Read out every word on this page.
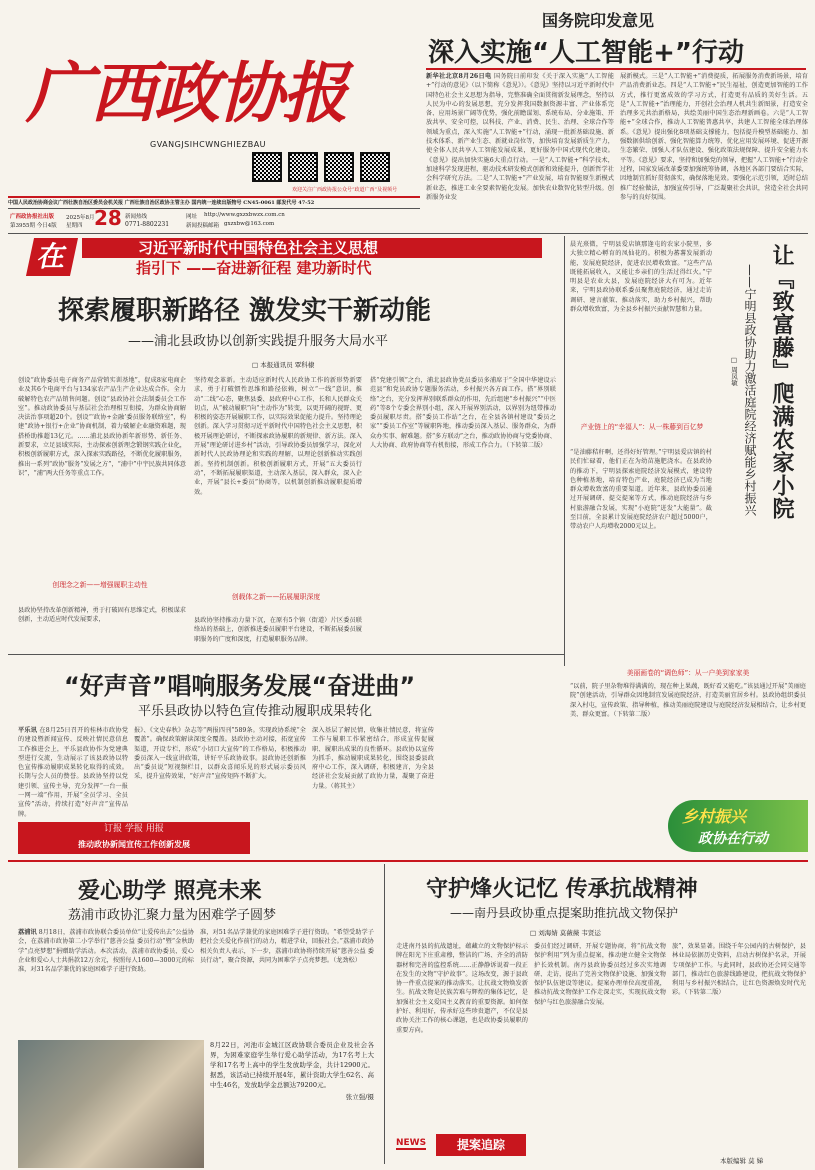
广西政协报
GVANGJSIHCWNGHIEZBAU
欢迎关注广西政协报公众号“政道广西”及视频号
中国人民政治协商会议广西壮族自治区委员会机关报 广西壮族自治区政协主管主办 国内统一连续出版物号 CN45-0061 邮发代号 47-52
广西政协报社出版
第3955期 今日4版
2025年8月 28
星期四
新闻热线
0771-8802231
网址 http://www.gxzxbwzx.com.cn
新闻投稿邮箱 gxzxbw@163.com
国务院印发意见
深入实施“人工智能+”行动
新华社北京8月26日电 国务院日前印发《关于深入实施“人工智能+”行动的意见》（以下简称《意见》）。《意见》坚持以习近平新时代中国特色社会主义思想为指导，完整准确全面贯彻新发展理念，坚持以人民为中心的发展思想，充分发挥我国数据资源丰富、产业体系完备、应用场景广阔等优势，强化前瞻谋划、系统布局、分业施策、开放共享、安全可控，以科技、产业、消费、民生、治理、全球合作等领域为重点，深入实施“人工智能+”行动，涌现一批新基础设施、新技术体系、新产业生态、新就业岗位等，加快培育发展新质生产力，使全体人民共享人工智能发展成果，更好服务中国式现代化建设。《意见》提出加快实施6大重点行动。一是“人工智能+”科学技术，加速科学发现进程，驱动技术研发模式创新和效能提升，创新哲学社会科学研究方法。二是“人工智能+”产业发展，培育智能原生新模式新业态，推进工业全要素智能化发展。加快农业数智化转型升级。创新服务业发
展新模式。三是“人工智能+”消费提质，拓展服务消费新场景，培育产品消费新业态。四是“人工智能+”民生福祉，创造更加智能的工作方式，推行更富成效的学习方式，打造更有品质的美好生活。五是“人工智能+”治理能力，开创社会治理人机共生新图景，打造安全治理多元共治新格局，共绘美丽中国生态治理新画卷。六是“人工智能+”全球合作，推动人工智能普惠共享，共建人工智能全球治理体系。《意见》提出强化8项基础支撑能力，包括提升模型基础能力、加强数据供给创新、强化智能算力统筹、优化应用发展环境、促进开源生态繁荣、加强人才队伍建设、强化政策法规保障、提升安全能力水平等。《意见》要求，坚持和加强党的领导，把握“人工智能+”行动全过程，国家发展改革委要加强统筹协调，各地区各部门要结合实际，因地制宜抓好贯彻落实，确保落地见效。要强化示范引领，适时总结推广经验做法，加强宣传引导，广泛凝聚社会共识，营造全社会共同参与的良好氛围。
在	习近平新时代中国特色社会主义思想
指引下 ——奋进新征程 建功新时代
探索履职新路径 激发实干新动能
——浦北县政协以创新实践提升服务大局水平
□ 本报通讯员 覃科棣
创设“政协委员电子商务产品营销实训基地”，促成8家电商企业及其6个电商平台与134家农产品生产企业达成合作。全力破解特色农产品销售问题。创设“县政协社会法制委员会工作室”。推动政协委员与基层社会治理相互衔接，为群众协商解决法治事项超20个。创设“‘政协+金融’委员服务联络室”，构建“政协+银行+企业”协商机制，着力破解企业融资难题，现搭桥助推超13亿元。……浦北县政协新年新形势、新任务、新要求，立足县域实际，主动探索创新理念锻钢实践企业化，积极创新履职方式，深入探索实践路径，不断优化履职服务，推出一系列“政协”服务“发展之方”，“浦中”中宇民族共同体意识”，“浦”两大任务等重点工作。
创理念之新——增强履职主动性
县政协坚持改革创新精神，勇于打破固有思维定式，积极谋求创新，主动适应时代发展要求，
坚持观念革新。主动适应新时代人民政协工作的新形势新要求，勇于打破惯性思维和路径依赖，树立“一线”意识，推动“二线”心态，聚焦县委、县政府中心工作，长和人民群众关切点，从“被动履职”向“主动作为”转变，以更开阔的视野、更积极的姿态开展履职工作，以实际效果促能力提升。坚持理论创新。深入学习贯彻习近平新时代中国特色社会主义思想，积极开展理论研讨，不断探索政协履职的新规律、新方法。深入开展“理论研讨进乡村”活动，引导政协委员加强学习，深化对新时代人民政协理论和实践的理解，以理论创新推动实践创新。坚持机制创新。积极创新履职方式，开展“五大委员行动”，不断拓展履职渠道，主动深入基层，深入群众，深入企业，开展“县长+委员”协商等，以机制创新推动履职提质增效。
创载体之新——拓展履职深度
县政协坚持推动力量下沉，在原有5个镇（街道）片区委员联络站的基础上，创新推进委员履职平台建设，不断拓展委员履职服务的广度和深度，打造履职服务品牌。
搭“党建引领”之台，浦北县政协党员委员多浦席于“全国中华建设示范县”和党员政协专题服务活动，乡村振兴各方面工作。搭“界别联络”之台，充分发挥界别联系群众的作用，先后组建“乡村振兴”“中医药”等8个专委会界别小组，深入开展界别活动，以界别为纽带推动委员履职尽责。搭“委员工作站”之台，在全县各镇村建设“委员之家”“委员工作室”等履职阵地，推动委员深入基层、服务群众，为群众办实事、解难题。搭“多方联动”之台，推动政协协商与党委协商、人大协商、政府协商等有机衔接，形成工作合力。（下转第二版）
晨光熹微，宁明县爱店镇那逢屯的农家小院里，多大独立精心孵育的凤仙花的。积极为蕃薯发展新动能，发展庭院经济，促进农民增收致富。“这些产品既能拓展收入，又能让乡亲们的生活过得红火。”宁明县是农业大县，发展庭院经济大有可为。近年来，宁明县政协联系委员聚焦庭院经济，通过走访调研、建言献策、推动落实，助力乡村振兴，帮助群众增收致富，为全县乡村振兴贡献智慧和力量。
产业链上的“幸福人”：从一株藤到百亿梦
“是油藤秸秆啊，还得好好管理。”宁明县爱店镇的村民们忙碌着，他们正在为幼苗施肥浇水。在县政协的推动下，宁明县探索庭院经济发展模式，建设特色种植基地，培育特色产业，庭院经济已成为当地群众增收致富的重要渠道。近年来，县政协委员通过开展调研、提交提案等方式，推动庭院经济与乡村旅游融合发展，实现“小庭院”迸发“大能量”。截至目前，全县累计发展庭院经济农户超过5000户，带动农户人均增收2000元以上。
让『致富藤』爬满农家小院
——宁明县政协助力激活庭院经济赋能乡村振兴
□ 周凤敏
“好声音”唱响服务发展“奋进曲”
平乐县政协以特色宣传推动履职成果转化
平乐讯 在8月25日召开的桂林市政协党的建设暨新闻宣传、反映社情民意信息工作推进会上，平乐县政协作为党建典型进行交流，生动展示了该县政协以特色宣传推动履职成果转化取得的成效。长期与会人员的赞誉。县政协坚持以党建引领、宣传主导，充分发挥“一台一报一网一端”作用，开展“全员学习、全员宣传”活动，持续打造“好声音”宣传品牌。
报》、《文史春秋》杂志等“两报四刊”589条。实现政协系统“全覆盖”。确保政策解读深度全覆盖。县政协主动对接，拓宽宣传渠道，开设专栏，形成“小切口大宣传”的工作格局，积极推动委员深入一线宣讲政策，讲好平乐政协故事。县政协还创新推出“委员说”短视频栏目，以群众喜闻乐见的形式展示委员风采，提升宣传效果，“好声音”宣传矩阵不断扩大。
深入基层了解民情，收集社情民意，将宣传工作与履职工作紧密结合，形成宣传促履职、履职出成果的良性循环。县政协以宣传为抓手，推动履职成果转化，围绕县委县政府中心工作，深入调研，积极建言，为全县经济社会发展贡献了政协力量，凝聚了奋进力量。（蒋其主）
订报 学报 用报
推动政协新闻宣传工作创新发展
美丽画卷的“调色师”：从一户美到家家美
“以前，院子里杂物堆得满满的，现在种上果蔬，既好看又能吃。”该县通过开展“美丽庭院”创建活动，引导群众因地制宜发展庭院经济，打造美丽宜居乡村。县政协组织委员深入村屯，宣传政策、指导种植，推动美丽庭院建设与庭院经济发展相结合，让乡村更美、群众更富。（下转第二版）
乡村振兴
政协在行动
爱心助学 照亮未来
荔浦市政协汇聚力量为困难学子圆梦
荔浦讯 8月18日，荔浦市政协联合委员单位“让爱传出去”公益协会，在荔浦市政协第二小学举行“慈善公益 委员行动”暨“金秋助学”点亮梦想”捐赠助学活动。本次活动，荔浦市政协委员、爱心企业和爱心人士共捐款12万余元，按照每人1600—3000元的标准，对31名品学兼优的家庭困难学子进行资助。
准，对51名品学兼优的家庭困难学子进行资助。“希望受助学子把社会关爱化作前行的动力，精进学业，回报社会。”荔浦市政协相关负责人表示，下一步，荔浦市政协将持续开展“慈善公益 委员行动”，聚合资源，共同为困难学子点亮梦想。（龙劲松）
8月22日，河池市金城江区政协联合委员企业及社会各界，为困难家庭学生举行爱心助学活动，为17名考上大学和17名考上高中的学生发放助学金，共计12900元。据悉，该活动已持续开展4年，累计资助大学生62名、高中生46名，发放助学金总额达79200元。
张立强/摄
守护烽火记忆 传承抗战精神
——南丹县政协重点提案助推抗战文物保护
□ 刘海婧 莫薇薇 韦贤运
走进南丹县的抗战遗址，蕴藏立的文物保护标示牌在阳光下庄重肃穆，整洁的广场、齐全的消防器材和完善的监控系统……正静静诉说着一段正在发生的文物“守护故事”。这场改变，源于县政协一件重点提案的推动落实。让抗战文物焕发新生。抗战文物是民族苦难与辉煌的集体记忆，是加强社会主义爱国主义教育的重要资源。如何保护好、利用好，传承好这些珍贵遗产，不仅是县政协关注工作的核心课题，也是政协委员履职的重要方向。
委员们经过调研，开展专题协商，将“抗战文物保护利用”列为重点提案，推动建立健全文物保护长效机制。南丹县政协委员经过多次实地调研、走访，提出了完善文物保护设施、加强文物保护队伍建设等建议。提案办理单位高度重视，推动抗战文物保护工作走深走实，实现抗战文物保护与红色旅游融合发展。
旅”，效果显著。围绕千年公园内的古树保护，县林业局依据历史资料，启动古树保护名录，开展专项保护工作。与此同时，县政协还会同交通等部门，推动红色旅游线路建设，把抗战文物保护利用与乡村振兴相结合，让红色资源焕发时代光彩。（下转第二版）
NEWS	提案追踪
本版编辑 莫 娣
